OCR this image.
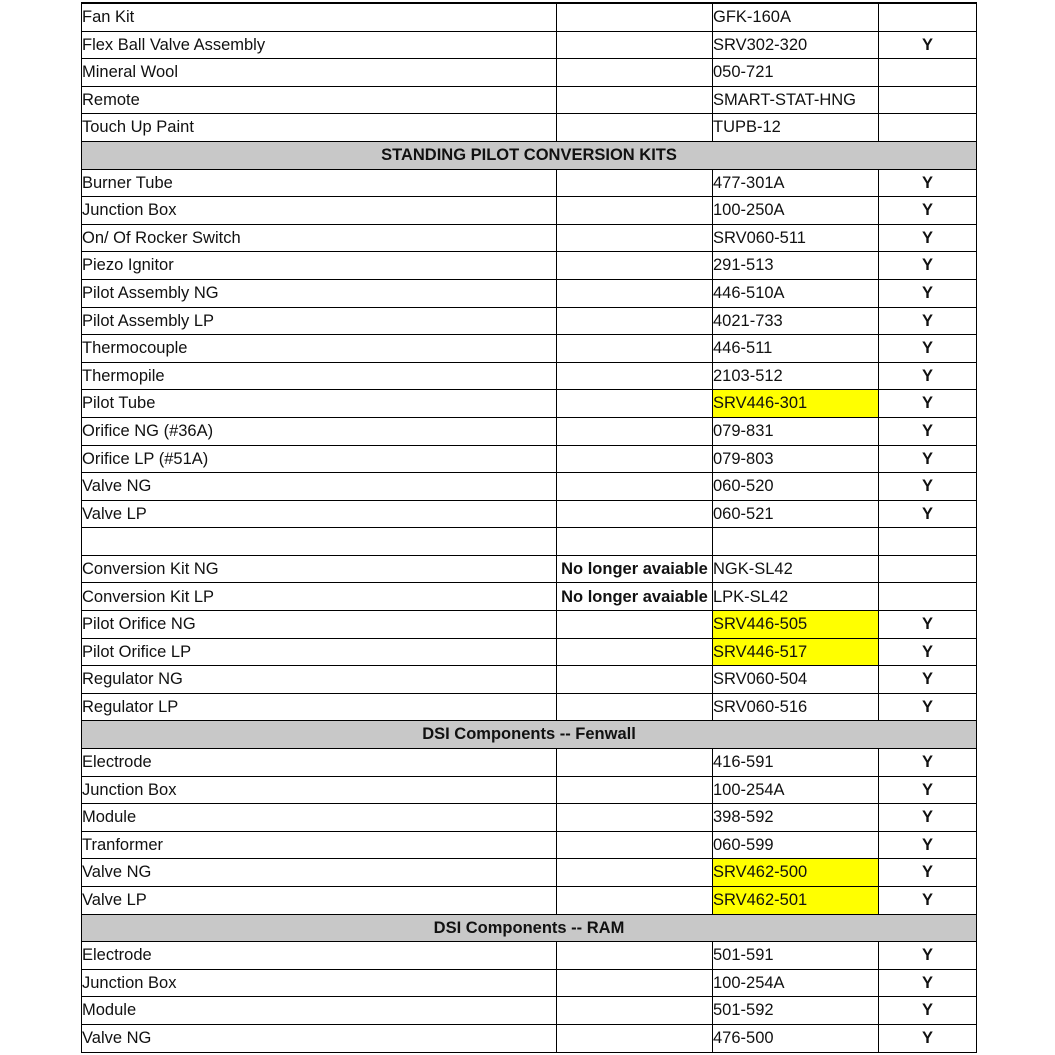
Fan Kit		GFK-160A	
Flex Ball Valve Assembly		SRV302-320	Y
Mineral Wool		050-721	
Remote		SMART-STAT-HNG	
Touch Up Paint		TUPB-12	
STANDING PILOT CONVERSION KITS			
Burner Tube		477-301A	Y
Junction Box		100-250A	Y
On/ Of Rocker Switch		SRV060-511	Y
Piezo Ignitor		291-513	Y
Pilot Assembly NG		446-510A	Y
Pilot Assembly LP		4021-733	Y
Thermocouple		446-511	Y
Thermopile		2103-512	Y
Pilot Tube		SRV446-301	Y
Orifice NG (#36A)		079-831	Y
Orifice LP (#51A)		079-803	Y
Valve NG		060-520	Y
Valve LP		060-521	Y

Conversion Kit NG	No longer avaiable	NGK-SL42	
Conversion Kit LP	No longer avaiable	LPK-SL42	
Pilot Orifice NG		SRV446-505	Y
Pilot Orifice LP		SRV446-517	Y
Regulator NG		SRV060-504	Y
Regulator LP		SRV060-516	Y
DSI Components -- Fenwall			
Electrode		416-591	Y
Junction Box		100-254A	Y
Module		398-592	Y
Tranformer		060-599	Y
Valve NG		SRV462-500	Y
Valve LP		SRV462-501	Y
DSI Components -- RAM			
Electrode		501-591	Y
Junction Box		100-254A	Y
Module		501-592	Y
Valve NG		476-500	Y
